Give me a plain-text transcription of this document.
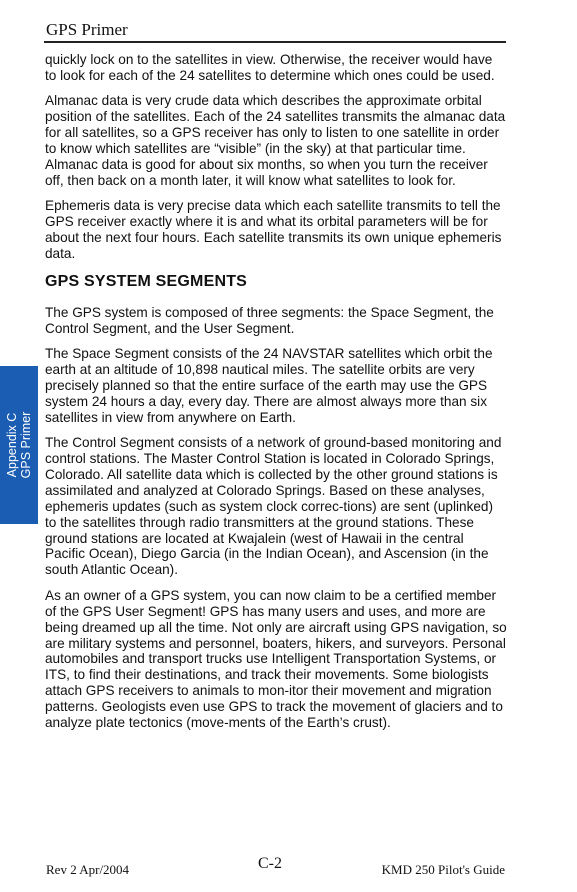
GPS Primer
Appendix C GPS Primer

quickly lock on to the satellites in view. Otherwise, the receiver would have to look for each of the 24 satellites to determine which ones could be used.

Almanac data is very crude data which describes the approximate orbital position of the satellites. Each of the 24 satellites transmits the almanac data for all satellites, so a GPS receiver has only to listen to one satellite in order to know which satellites are “visible” (in the sky) at that particular time. Almanac data is good for about six months, so when you turn the receiver off, then back on a month later, it will know what satellites to look for.

Ephemeris data is very precise data which each satellite transmits to tell the GPS receiver exactly where it is and what its orbital parameters will be for about the next four hours. Each satellite transmits its own unique ephemeris data.

GPS SYSTEM SEGMENTS

The GPS system is composed of three segments: the Space Segment, the Control Segment, and the User Segment.

The Space Segment consists of the 24 NAVSTAR satellites which orbit the earth at an altitude of 10,898 nautical miles. The satellite orbits are very precisely planned so that the entire surface of the earth may use the GPS system 24 hours a day, every day. There are almost always more than six satellites in view from anywhere on Earth.

The Control Segment consists of a network of ground-based monitoring and control stations. The Master Control Station is located in Colorado Springs, Colorado. All satellite data which is collected by the other ground stations is assimilated and analyzed at Colorado Springs. Based on these analyses, ephemeris updates (such as system clock correc-tions) are sent (uplinked) to the satellites through radio transmitters at the ground stations. These ground stations are located at Kwajalein (west of Hawaii in the central Pacific Ocean), Diego Garcia (in the Indian Ocean), and Ascension (in the south Atlantic Ocean).

As an owner of a GPS system, you can now claim to be a certified member of the GPS User Segment! GPS has many users and uses, and more are being dreamed up all the time. Not only are aircraft using GPS navigation, so are military systems and personnel, boaters, hikers, and surveyors. Personal automobiles and transport trucks use Intelligent Transportation Systems, or ITS, to find their destinations, and track their movements. Some biologists attach GPS receivers to animals to mon-itor their movement and migration patterns. Geologists even use GPS to track the movement of glaciers and to analyze plate tectonics (move-ments of the Earth’s crust).

Rev 2 Apr/2004	C-2	KMD 250 Pilot's Guide
